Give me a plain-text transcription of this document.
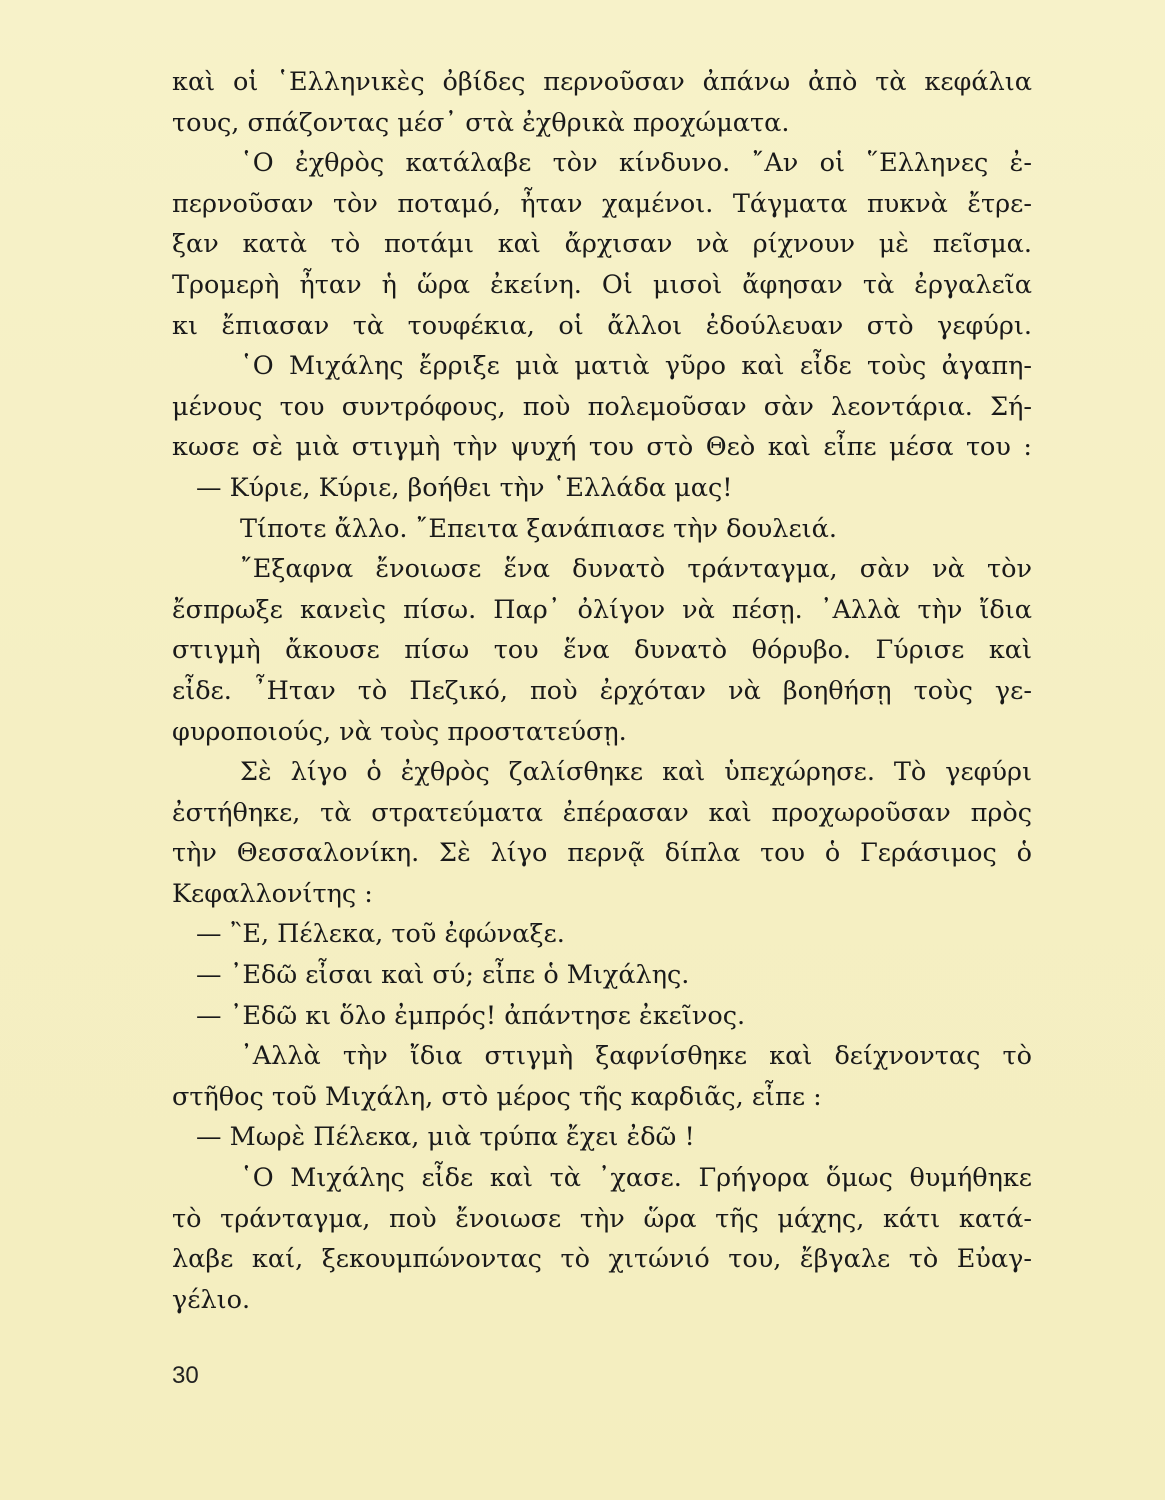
καὶ οἱ ῾Ελληνικὲς ὀβίδες περνοῦσαν ἀπάνω ἀπὸ τὰ κεφάλια
τους, σπάζοντας μέσ᾽ στὰ ἐχθρικὰ προχώματα.
῾Ο ἐχθρὸς κατάλαβε τὸν κίνδυνο. ῎Αν οἱ ῞Ελληνες ἐ-
περνοῦσαν τὸν ποταμό, ἦταν χαμένοι. Τάγματα πυκνὰ ἔτρε-
ξαν κατὰ τὸ ποτάμι καὶ ἄρχισαν νὰ ρίχνουν μὲ πεῖσμα.
Τρομερὴ ἦταν ἡ ὥρα ἐκείνη. Οἱ μισοὶ ἄφησαν τὰ ἐργαλεῖα
κι ἔπιασαν τὰ τουφέκια, οἱ ἄλλοι ἐδούλευαν στὸ γεφύρι.
῾Ο Μιχάλης ἔρριξε μιὰ ματιὰ γῦρο καὶ εἶδε τοὺς ἀγαπη-
μένους του συντρόφους, ποὺ πολεμοῦσαν σὰν λεοντάρια. Σή-
κωσε σὲ μιὰ στιγμὴ τὴν ψυχή του στὸ Θεὸ καὶ εἶπε μέσα του :
— Κύριε, Κύριε, βοήθει τὴν ῾Ελλάδα μας!
Τίποτε ἄλλο. ῎Επειτα ξανάπιασε τὴν δουλειά.
῎Εξαφνα ἔνοιωσε ἕνα δυνατὸ τράνταγμα, σὰν νὰ τὸν
ἔσπρωξε κανεὶς πίσω. Παρ᾽ ὀλίγον νὰ πέσῃ. ᾽Αλλὰ τὴν ἴδια
στιγμὴ ἄκουσε πίσω του ἕνα δυνατὸ θόρυβο. Γύρισε καὶ
εἶδε. ῏Ηταν τὸ Πεζικό, ποὺ ἐρχόταν νὰ βοηθήσῃ τοὺς γε-
φυροποιούς, νὰ τοὺς προστατεύσῃ.
Σὲ λίγο ὁ ἐχθρὸς ζαλίσθηκε καὶ ὑπεχώρησε. Τὸ γεφύρι
ἐστήθηκε, τὰ στρατεύματα ἐπέρασαν καὶ προχωροῦσαν πρὸς
τὴν Θεσσαλονίκη. Σὲ λίγο περνᾷ δίπλα του ὁ Γεράσιμος ὁ
Κεφαλλονίτης :
— ῍Ε, Πέλεκα, τοῦ ἐφώναξε.
— ᾽Εδῶ εἶσαι καὶ σύ; εἶπε ὁ Μιχάλης.
— ᾽Εδῶ κι ὅλο ἐμπρός! ἀπάντησε ἐκεῖνος.
᾽Αλλὰ τὴν ἴδια στιγμὴ ξαφνίσθηκε καὶ δείχνοντας τὸ
στῆθος τοῦ Μιχάλη, στὸ μέρος τῆς καρδιᾶς, εἶπε :
— Μωρὲ Πέλεκα, μιὰ τρύπα ἔχει ἐδῶ !
῾Ο Μιχάλης εἶδε καὶ τὰ ᾽χασε. Γρήγορα ὅμως θυμήθηκε
τὸ τράνταγμα, ποὺ ἔνοιωσε τὴν ὥρα τῆς μάχης, κάτι κατά-
λαβε καί, ξεκουμπώνοντας τὸ χιτώνιό του, ἔβγαλε τὸ Εὐαγ-
γέλιο.
30
